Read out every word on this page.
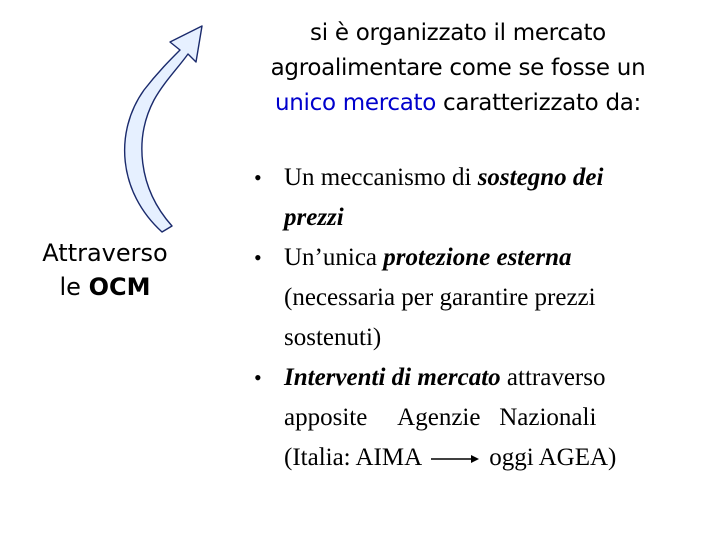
si è organizzato il mercato
agroalimentare come se fosse un
unico mercato caratterizzato da:
Attraverso
le OCM
• Un meccanismo di sostegno dei
prezzi
• Un’unica protezione esterna
(necessaria per garantire prezzi
sostenuti)
• Interventi di mercato attraverso
apposite     Agenzie   Nazionali
(Italia: AIMA	oggi AGEA)
